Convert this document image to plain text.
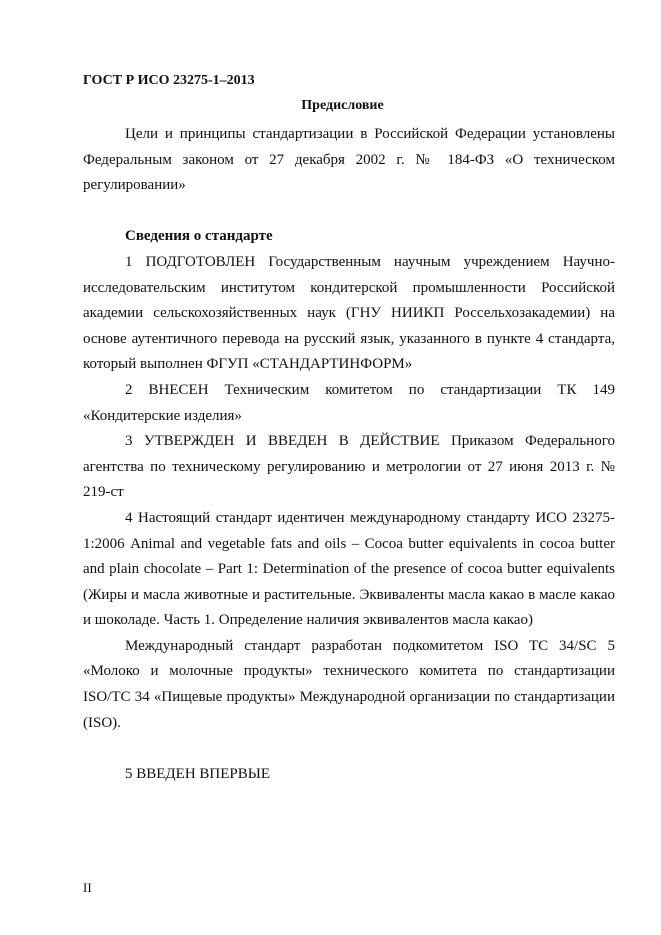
ГОСТ Р ИСО 23275-1–2013
Предисловие

Цели и принципы стандартизации в Российской Федерации установлены Федеральным законом от 27 декабря 2002 г. № 184-ФЗ «О техническом регулировании»

Сведения о стандарте

1 ПОДГОТОВЛЕН Государственным научным учреждением Научно-исследовательским институтом кондитерской промышленности Российской академии сельскохозяйственных наук (ГНУ НИИКП Россельхозакадемии) на основе аутентичного перевода на русский язык, указанного в пункте 4 стандарта, который выполнен ФГУП «СТАНДАРТИНФОРМ»

2 ВНЕСЕН Техническим комитетом по стандартизации ТК 149 «Кондитерские изделия»

3 УТВЕРЖДЕН И ВВЕДЕН В ДЕЙСТВИЕ Приказом Федерального агентства по техническому регулированию и метрологии от 27 июня 2013 г. № 219-ст

4 Настоящий стандарт идентичен международному стандарту ИСО 23275-1:2006 Animal and vegetable fats and oils – Cocoa butter equivalents in cocoa butter and plain chocolate – Part 1: Determination of the presence of cocoa butter equivalents (Жиры и масла животные и растительные. Эквиваленты масла какао в масле какао и шоколаде. Часть 1. Определение наличия эквивалентов масла какао)

Международный стандарт разработан подкомитетом ISO TC 34/SC 5 «Молоко и молочные продукты» технического комитета по стандартизации ISO/TC 34 «Пищевые продукты» Международной организации по стандартизации (ISO).

5 ВВЕДЕН ВПЕРВЫЕ

II
